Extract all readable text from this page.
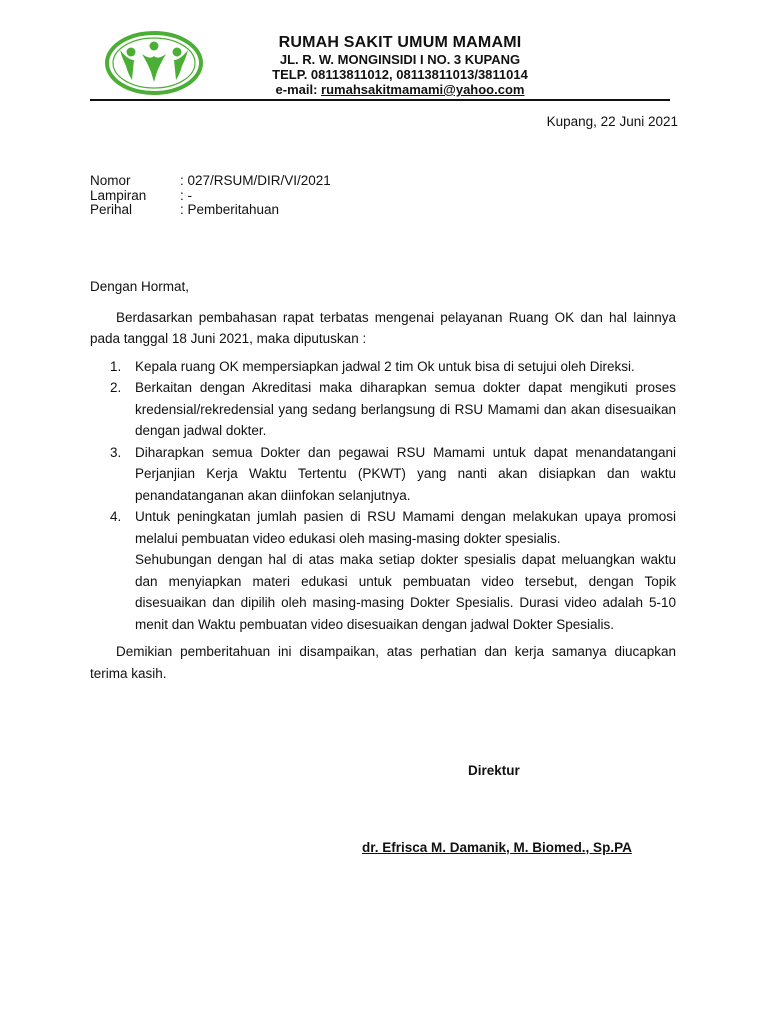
RUMAH SAKIT UMUM MAMAMI
JL. R. W. MONGINSIDI I NO. 3 KUPANG
TELP. 08113811012, 08113811013/3811014
e-mail: rumahsakitmamami@yahoo.com
Kupang, 22 Juni 2021
Nomor	: 027/RSUM/DIR/VI/2021
Lampiran	: -
Perihal	: Pemberitahuan

Dengan Hormat,

Berdasarkan pembahasan rapat terbatas mengenai pelayanan Ruang OK dan hal lainnya pada tanggal 18 Juni 2021, maka diputuskan :

1.	Kepala ruang OK mempersiapkan jadwal 2 tim Ok untuk bisa di setujui oleh Direksi.
2.	Berkaitan dengan Akreditasi maka diharapkan semua dokter dapat mengikuti proses kredensial/rekredensial yang sedang berlangsung di RSU Mamami dan akan disesuaikan dengan jadwal dokter.
3.	Diharapkan semua Dokter dan pegawai RSU Mamami untuk dapat menandatangani Perjanjian Kerja Waktu Tertentu (PKWT) yang nanti akan disiapkan dan waktu penandatanganan akan diinfokan selanjutnya.
4.	Untuk peningkatan jumlah pasien di RSU Mamami dengan melakukan upaya promosi melalui pembuatan video edukasi oleh masing-masing dokter spesialis.

Sehubungan dengan hal di atas maka setiap dokter spesialis dapat meluangkan waktu dan menyiapkan materi edukasi untuk pembuatan video tersebut, dengan Topik disesuaikan dan dipilih oleh masing-masing Dokter Spesialis. Durasi video adalah 5-10 menit dan Waktu pembuatan video disesuaikan dengan jadwal Dokter Spesialis.

Demikian pemberitahuan ini disampaikan, atas perhatian dan kerja samanya diucapkan terima kasih.

Direktur
dr. Efrisca M. Damanik, M. Biomed., Sp.PA
